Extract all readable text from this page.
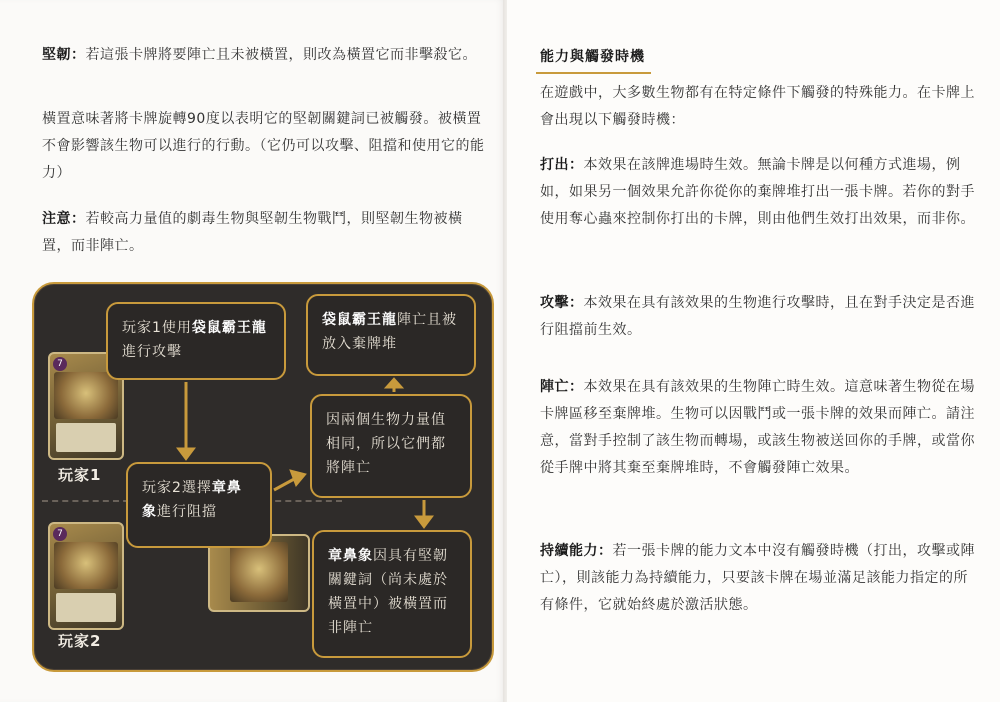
堅韌：若這張卡牌將要陣亡且未被橫置，則改為橫置它而非擊殺它。
橫置意味著將卡牌旋轉90度以表明它的堅韌關鍵詞已被觸發。被橫置不會影響該生物可以進行的行動。（它仍可以攻擊、阻擋和使用它的能力）
注意：若較高力量值的劇毒生物與堅韌生物戰鬥，則堅韌生物被橫置，而非陣亡。
7
玩家1
7
玩家2
玩家1使用袋鼠霸王龍進行攻擊
袋鼠霸王龍陣亡且被放入棄牌堆
因兩個生物力量值相同，所以它們都將陣亡
玩家2選擇章鼻象進行阻擋
章鼻象因具有堅韌關鍵詞（尚未處於橫置中）被橫置而非陣亡
能力與觸發時機
在遊戲中，大多數生物都有在特定條件下觸發的特殊能力。在卡牌上會出現以下觸發時機：
打出：本效果在該牌進場時生效。無論卡牌是以何種方式進場，例如，如果另一個效果允許你從你的棄牌堆打出一張卡牌。若你的對手使用奪心蟲來控制你打出的卡牌，則由他們生效打出效果，而非你。
攻擊：本效果在具有該效果的生物進行攻擊時，且在對手決定是否進行阻擋前生效。
陣亡：本效果在具有該效果的生物陣亡時生效。這意味著生物從在場卡牌區移至棄牌堆。生物可以因戰鬥或一張卡牌的效果而陣亡。請注意，當對手控制了該生物而轉場，或該生物被送回你的手牌，或當你從手牌中將其棄至棄牌堆時，不會觸發陣亡效果。
持續能力：若一張卡牌的能力文本中沒有觸發時機（打出，攻擊或陣亡），則該能力為持續能力，只要該卡牌在場並滿足該能力指定的所有條件，它就始終處於激活狀態。
